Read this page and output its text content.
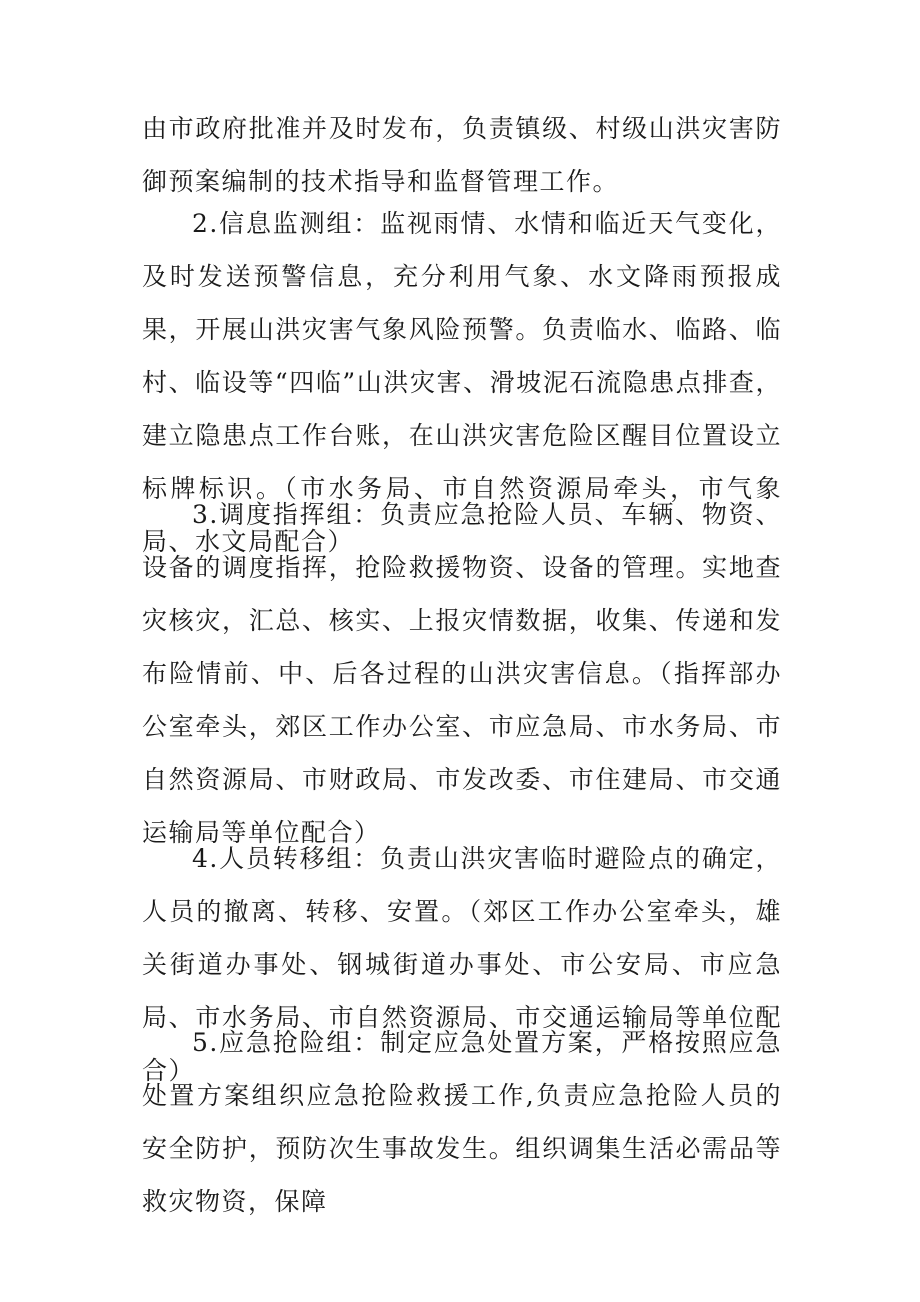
由市政府批准并及时发布，负责镇级、村级山洪灾害防御预案编制的技术指导和监督管理工作。

2.信息监测组：监视雨情、水情和临近天气变化，及时发送预警信息，充分利用气象、水文降雨预报成果，开展山洪灾害气象风险预警。负责临水、临路、临村、临设等“四临”山洪灾害、滑坡泥石流隐患点排查，建立隐患点工作台账，在山洪灾害危险区醒目位置设立标牌标识。（市水务局、市自然资源局牵头，市气象局、水文局配合）

3.调度指挥组：负责应急抢险人员、车辆、物资、设备的调度指挥，抢险救援物资、设备的管理。实地查灾核灾，汇总、核实、上报灾情数据，收集、传递和发布险情前、中、后各过程的山洪灾害信息。（指挥部办公室牵头，郊区工作办公室、市应急局、市水务局、市自然资源局、市财政局、市发改委、市住建局、市交通运输局等单位配合）

4.人员转移组：负责山洪灾害临时避险点的确定，人员的撤离、转移、安置。（郊区工作办公室牵头，雄关街道办事处、钢城街道办事处、市公安局、市应急局、市水务局、市自然资源局、市交通运输局等单位配合）

5.应急抢险组：制定应急处置方案，严格按照应急处置方案组织应急抢险救援工作,负责应急抢险人员的安全防护，预防次生事故发生。组织调集生活必需品等救灾物资，保障
